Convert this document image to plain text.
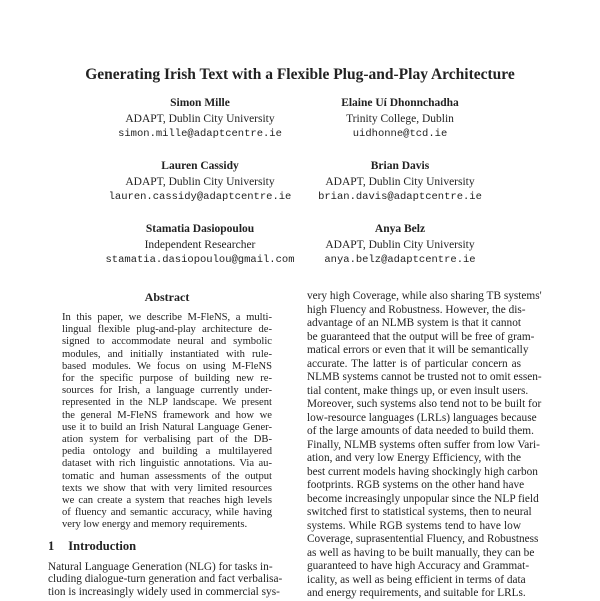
Generating Irish Text with a Flexible Plug-and-Play Architecture
Simon Mille
ADAPT, Dublin City University
simon.mille@adaptcentre.ie
Elaine Uí Dhonnchadha
Trinity College, Dublin
uidhonne@tcd.ie
Lauren Cassidy
ADAPT, Dublin City University
lauren.cassidy@adaptcentre.ie
Brian Davis
ADAPT, Dublin City University
brian.davis@adaptcentre.ie
Stamatia Dasiopoulou
Independent Researcher
stamatia.dasiopoulou@gmail.com
Anya Belz
ADAPT, Dublin City University
anya.belz@adaptcentre.ie
Abstract
In this paper, we describe M-FleNS, a multi-
lingual flexible plug-and-play architecture de-
signed to accommodate neural and symbolic
modules, and initially instantiated with rule-
based modules. We focus on using M-FleNS
for the specific purpose of building new re-
sources for Irish, a language currently under-
represented in the NLP landscape. We present
the general M-FleNS framework and how we
use it to build an Irish Natural Language Gener-
ation system for verbalising part of the DB-
pedia ontology and building a multilayered
dataset with rich linguistic annotations. Via au-
tomatic and human assessments of the output
texts we show that with very limited resources
we can create a system that reaches high levels
of fluency and semantic accuracy, while having
very low energy and memory requirements.
1 Introduction
Natural Language Generation (NLG) for tasks in-
cluding dialogue-turn generation and fact verbalisa-
tion is increasingly widely used in commercial sys-
very high Coverage, while also sharing TB systems'
high Fluency and Robustness. However, the dis-
advantage of an NLMB system is that it cannot
be guaranteed that the output will be free of gram-
matical errors or even that it will be semantically
accurate. The latter is of particular concern as
NLMB systems cannot be trusted not to omit essen-
tial content, make things up, or even insult users.
Moreover, such systems also tend not to be built for
low-resource languages (LRLs) languages because
of the large amounts of data needed to build them.
Finally, NLMB systems often suffer from low Vari-
ation, and very low Energy Efficiency, with the
best current models having shockingly high carbon
footprints. RGB systems on the other hand have
become increasingly unpopular since the NLP field
switched first to statistical systems, then to neural
systems. While RGB systems tend to have low
Coverage, suprasentential Fluency, and Robustness
as well as having to be built manually, they can be
guaranteed to have high Accuracy and Grammat-
icality, as well as being efficient in terms of data
and energy requirements, and suitable for LRLs.
